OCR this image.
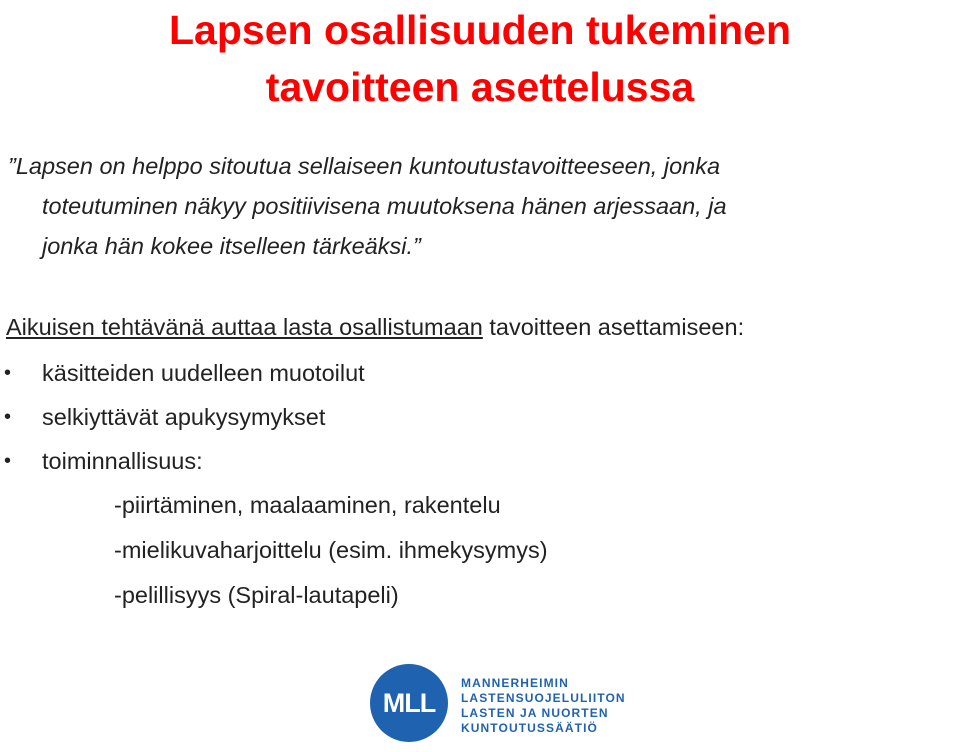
Lapsen osallisuuden tukeminen
tavoitteen asettelussa

”Lapsen on helppo sitoutua sellaiseen kuntoutustavoitteeseen, jonka
toteutuminen näkyy positiivisena muutoksena hänen arjessaan, ja
jonka hän kokee itselleen tärkeäksi.”

Aikuisen tehtävänä auttaa lasta osallistumaan tavoitteen asettamiseen:

• käsitteiden uudelleen muotoilut
• selkiyttävät apukysymykset
• toiminnallisuus:
-piirtäminen, maalaaminen, rakentelu
-mielikuvaharjoittelu (esim. ihmekysymys)
-pelillisyys (Spiral-lautapeli)
MLL
MANNERHEIMIN
LASTENSUOJELULIITON
LASTEN JA NUORTEN
KUNTOUTUSSÄÄTIÖ
